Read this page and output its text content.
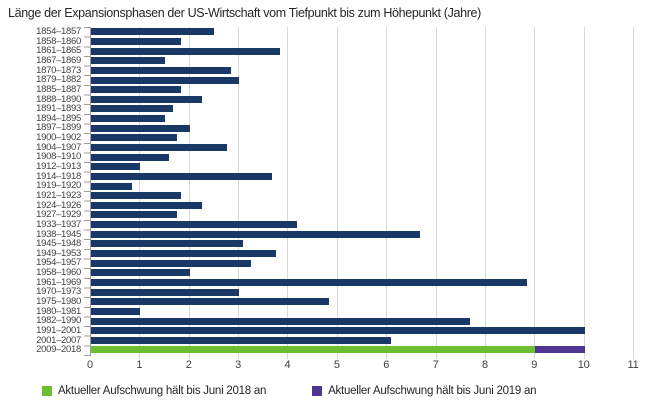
Länge der Expansionsphasen der US-Wirtschaft vom Tiefpunkt bis zum Höhepunkt (Jahre)
1854–1857
1858–1860
1861–1865
1867–1869
1870–1873
1879–1882
1885–1887
1888–1890
1891–1893
1894–1895
1897–1899
1900–1902
1904–1907
1908–1910
1912–1913
1914–1918
1919–1920
1921–1923
1924–1926
1927–1929
1933–1937
1938–1945
1945–1948
1949–1953
1954–1957
1958–1960
1961–1969
1970–1973
1975–1980
1980–1981
1982–1990
1991–2001
2001–2007
2009–2018
0	1	2	3	4	5	6	7	8	9	10	11
Aktueller Aufschwung hält bis Juni 2018 an	Aktueller Aufschwung hält bis Juni 2019 an
